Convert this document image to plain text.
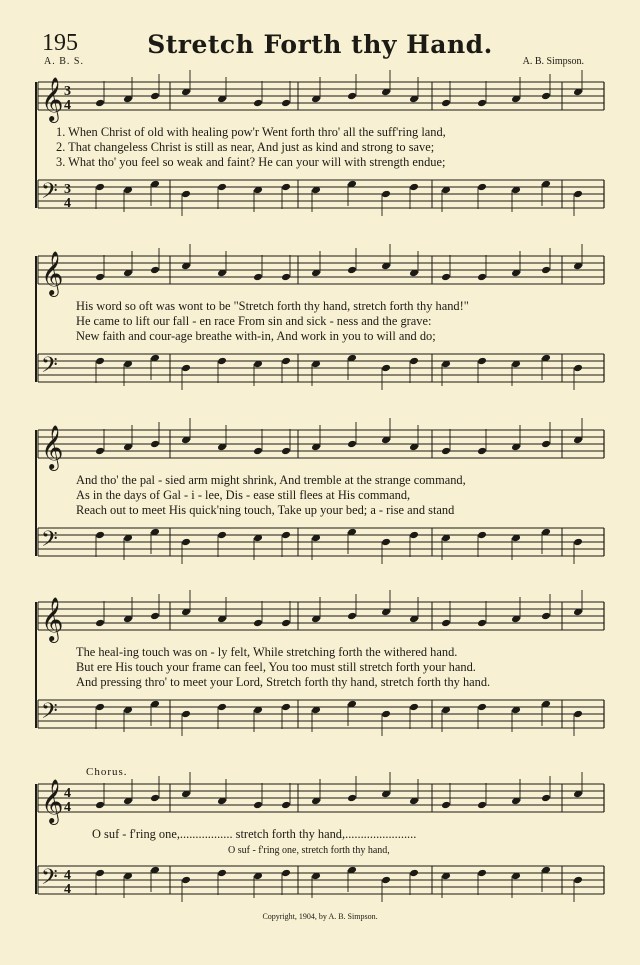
195	Stretch Forth thy Hand.
A. B. S.	A. B. Simpson.
𝄞 3
4
𝄞
𝄞
𝄞
𝄞 4
4
𝄢 3
4
𝄢
𝄢
𝄢
𝄢 4
4
1. When Christ of old with healing pow'r Went forth thro' all the suff'ring land,
2. That changeless Christ is still as near, And just as kind and strong to save;
3. What tho' you feel so weak and faint? He can your will with strength endue;
His word so oft was wont to be "Stretch forth thy hand, stretch forth thy hand!"
He came to lift our fall - en race From sin and sick - ness and the grave:
New faith and cour-age breathe with-in, And work in you to will and do;
And tho' the pal - sied arm might shrink, And tremble at the strange command,
As in the days of Gal - i - lee, Dis - ease still flees at His command,
Reach out to meet His quick'ning touch, Take up your bed; a - rise and stand
The heal-ing touch was on - ly felt, While stretching forth the withered hand.
But ere His touch your frame can feel, You too must still stretch forth your hand.
And pressing thro' to meet your Lord, Stretch forth thy hand, stretch forth thy hand.
Chorus.
O suf - f'ring one,................. stretch forth thy hand,.......................
O suf - f'ring one, stretch forth thy hand,
Copyright, 1904, by A. B. Simpson.
